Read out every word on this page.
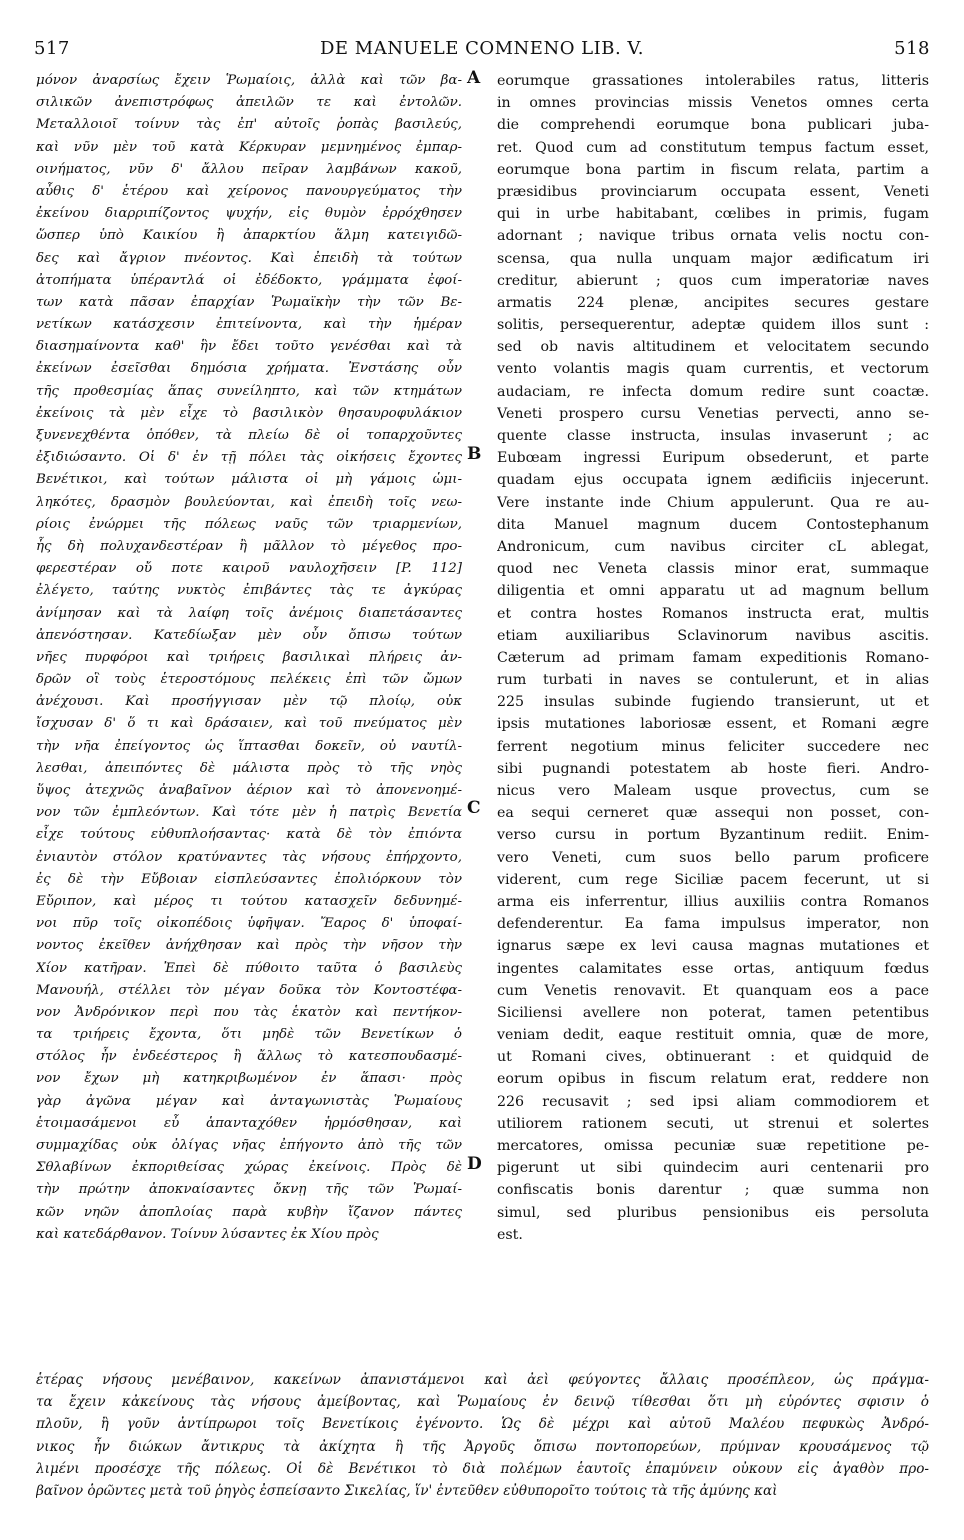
517	DE MANUELE COMNENO LIB. V.	518
μόνον ἀναρσίως ἔχειν Ῥωμαίοις, ἀλλὰ καὶ τῶν βα-
σιλικῶν ἀνεπιστρόφως ἀπειλῶν τε καὶ ἐντολῶν.
Μεταλλοιοῖ τοίνυν τὰς ἐπ' αὐτοῖς ῥοπὰς βασιλεύς,
καὶ νῦν μὲν τοῦ κατὰ Κέρκυραν μεμνημένος ἐμπαρ-
οινήματος, νῦν δ' ἄλλου πεῖραν λαμβάνων κακοῦ,
αὖθις δ' ἑτέρου καὶ χείρονος πανουργεύματος τὴν
ἐκείνου διαρριπίζοντος ψυχήν, εἰς θυμὸν ἐρρόχθησεν
ὥσπερ ὑπὸ Καικίου ἢ ἀπαρκτίου ἅλμη κατειγιδῶ-
δες καὶ ἄγριον πνέοντος. Καὶ ἐπειδὴ τὰ τούτων
ἀτοπήματα ὑπέραντλά οἱ ἐδέδοκτο, γράμματα ἐφοί-
των κατὰ πᾶσαν ἐπαρχίαν Ῥωμαϊκὴν τὴν τῶν Βε-
νετίκων κατάσχεσιν ἐπιτείνοντα, καὶ τὴν ἡμέραν
διασημαίνοντα καθ' ἣν ἔδει τοῦτο γενέσθαι καὶ τὰ
ἐκείνων ἐσεῖσθαι δημόσια χρήματα. Ἐνστάσης οὖν
τῆς προθεσμίας ἅπας συνείληπτο, καὶ τῶν κτημάτων
ἐκείνοις τὰ μὲν εἶχε τὸ βασιλικὸν θησαυροφυλάκιον
ξυνενεχθέντα ὁπόθεν, τὰ πλείω δὲ οἱ τοπαρχοῦντες
ἐξιδιώσαντο. Οἱ δ' ἐν τῇ πόλει τὰς οἰκήσεις ἔχοντες
Βενέτικοι, καὶ τούτων μάλιστα οἱ μὴ γάμοις ὡμι-
ληκότες, δρασμὸν βουλεύονται, καὶ ἐπειδὴ τοῖς νεω-
ρίοις ἐνώρμει τῆς πόλεως ναῦς τῶν τριαρμενίων,
ἧς δὴ πολυχανδεστέραν ἢ μᾶλλον τὸ μέγεθος προ-
φερεστέραν οὔ ποτε καιροῦ ναυλοχῆσειν [P. 112]
ἐλέγετο, ταύτης νυκτὸς ἐπιβάντες τὰς τε ἀγκύρας
ἀνίμησαν καὶ τὰ λαίφη τοῖς ἀνέμοις διαπετάσαντες
ἀπενόστησαν. Κατεδίωξαν μὲν οὖν ὄπισω τούτων
νῆες πυρφόροι καὶ τριήρεις βασιλικαὶ πλήρεις ἀν-
δρῶν οἳ τοὺς ἑτεροστόμους πελέκεις ἐπὶ τῶν ὤμων
ἀνέχουσι. Καὶ προσήγγισαν μὲν τῷ πλοίῳ, οὐκ
ἴσχυσαν δ' ὅ τι καὶ δράσαιεν, καὶ τοῦ πνεύματος μὲν
τὴν νῆα ἐπείγοντος ὡς ἵπτασθαι δοκεῖν, οὐ ναυτίλ-
λεσθαι, ἀπειπόντες δὲ μάλιστα πρὸς τὸ τῆς νηὸς
ὕψος ἀτεχνῶς ἀναβαῖνον ἀέριον καὶ τὸ ἀπονενοημέ-
νον τῶν ἐμπλεόντων. Καὶ τότε μὲν ἡ πατρὶς Βενετία
εἶχε τούτους εὐθυπλοήσαντας· κατὰ δὲ τὸν ἐπιόντα
ἐνιαυτὸν στόλον κρατύναντες τὰς νήσους ἐπήρχοντο,
ἐς δὲ τὴν Εὔβοιαν εἰσπλεύσαντες ἐπολιόρκουν τὸν
Εὔριπον, καὶ μέρος τι τούτου κατασχεῖν δεδυνημέ-
νοι πῦρ τοῖς οἰκοπέδοις ὑφῆψαν. Ἔαρος δ' ὑποφαί-
νοντος ἐκεῖθεν ἀνήχθησαν καὶ πρὸς τὴν νῆσον τὴν
Χίον κατῆραν. Ἐπεὶ δὲ πύθοιτο ταῦτα ὁ βασιλεὺς
Μανουήλ, στέλλει τὸν μέγαν δοῦκα τὸν Κοντοστέφα-
νον Ἀνδρόνικον περὶ που τὰς ἑκατὸν καὶ πεντήκον-
τα τριήρεις ἔχοντα, ὅτι μηδὲ τῶν Βενετίκων ὁ
στόλος ἦν ἐνδεέστερος ἢ ἄλλως τὸ κατεσπουδασμέ-
νον ἔχων μὴ κατηκριβωμένον ἐν ἅπασι· πρὸς
γὰρ ἀγῶνα μέγαν καὶ ἀνταγωνιστὰς Ῥωμαίους
ἑτοιμασάμενοι εὖ ἁπανταχόθεν ἡρμόσθησαν, καὶ
συμμαχίδας οὐκ ὀλίγας νῆας ἐπήγοντο ἀπὸ τῆς τῶν
Σθλαβίνων ἐκποριθείσας χώρας ἐκείνοις. Πρὸς δὲ
τὴν πρώτην ἀποκναίσαντες ὄκνῃ τῆς τῶν Ῥωμαί-
κῶν νηῶν ἀποπλοίας παρὰ κυβὴν ἴζανον πάντες
καὶ κατεδάρθανον. Τοίνυν λύσαντες ἐκ Χίου πρὸς
eorumque grassationes intolerabiles ratus, litteris
in omnes provincias missis Venetos omnes certa
die comprehendi eorumque bona publicari juba-
ret. Quod cum ad constitutum tempus factum esset,
eorumque bona partim in fiscum relata, partim a
præsidibus provinciarum occupata essent, Veneti
qui in urbe habitabant, cœlibes in primis, fugam
adornant ; navique tribus ornata velis noctu con-
scensa, qua nulla unquam major ædificatum iri
creditur, abierunt ; quos cum imperatoriæ naves
armatis 224 plenæ, ancipites secures gestare
solitis, persequerentur, adeptæ quidem illos sunt :
sed ob navis altitudinem et velocitatem secundo
vento volantis magis quam currentis, et vectorum
audaciam, re infecta domum redire sunt coactæ.
Veneti prospero cursu Venetias pervecti, anno se-
quente classe instructa, insulas invaserunt ; ac
Eubœam ingressi Euripum obsederunt, et parte
quadam ejus occupata ignem ædificiis injecerunt.
Vere instante inde Chium appulerunt. Qua re au-
dita Manuel magnum ducem Contostephanum
Andronicum, cum navibus circiter cL ablegat,
quod nec Veneta classis minor erat, summaque
diligentia et omni apparatu ut ad magnum bellum
et contra hostes Romanos instructa erat, multis
etiam auxiliaribus Sclavinorum navibus ascitis.
Cæterum ad primam famam expeditionis Romano-
rum turbati in naves se contulerunt, et in alias
225 insulas subinde fugiendo transierunt, ut et
ipsis mutationes laboriosæ essent, et Romani ægre
ferrent negotium minus feliciter succedere nec
sibi pugnandi potestatem ab hoste fieri. Andro-
nicus vero Maleam usque provectus, cum se
ea sequi cerneret quæ assequi non posset, con-
verso cursu in portum Byzantinum rediit. Enim-
vero Veneti, cum suos bello parum proficere
viderent, cum rege Siciliæ pacem fecerunt, ut si
arma eis inferrentur, illius auxiliis contra Romanos
defenderentur. Ea fama impulsus imperator, non
ignarus sæpe ex levi causa magnas mutationes et
ingentes calamitates esse ortas, antiquum fœdus
cum Venetis renovavit. Et quanquam eos a pace
Siciliensi avellere non poterat, tamen petentibus
veniam dedit, eaque restituit omnia, quæ de more,
ut Romani cives, obtinuerant : et quidquid de
eorum opibus in fiscum relatum erat, reddere non
226 recusavit ; sed ipsi aliam commodiorem et
utiliorem rationem secuti, ut strenui et solertes
mercatores, omissa pecuniæ suæ repetitione pe-
pigerunt ut sibi quindecim auri centenarii pro
confiscatis bonis darentur ; quæ summa non
simul, sed pluribus pensionibus eis persoluta
est.
A
B
C
D
ἑτέρας νήσους μενέβαινον, κακείνων ἀπανιστάμενοι καὶ ἀεὶ φεύγοντες ἄλλαις προσέπλεον, ὡς πράγμα-
τα ἔχειν κἀκείνους τὰς νήσους ἀμείβοντας, καὶ Ῥωμαίους ἐν δεινῷ τίθεσθαι ὅτι μὴ εὑρόντες σφισιν ὁ
πλοῦν, ἢ γοῦν ἀντίπρωροι τοῖς Βενετίκοις ἐγένοντο. Ὡς δὲ μέχρι καὶ αὐτοῦ Μαλέου πεφυκὼς Ἀνδρό-
νικος ἦν διώκων ἄντικρυς τὰ ἀκίχητα ἢ τῆς Ἀργοῦς ὄπισω ποντοπορεύων, πρύμναν κρουσάμενος τῷ
λιμένι προσέσχε τῆς πόλεως. Οἱ δὲ Βενέτικοι τὸ διὰ πολέμων ἑαυτοῖς ἐπαμύνειν οὐκουν εἰς ἀγαθὸν προ-
βαῖνον ὁρῶντες μετὰ τοῦ ῥηγὸς ἐσπείσαντο Σικελίας, ἵν' ἐντεῦθεν εὐθυποροῖτο τούτοις τὰ τῆς ἀμύνης καὶ
